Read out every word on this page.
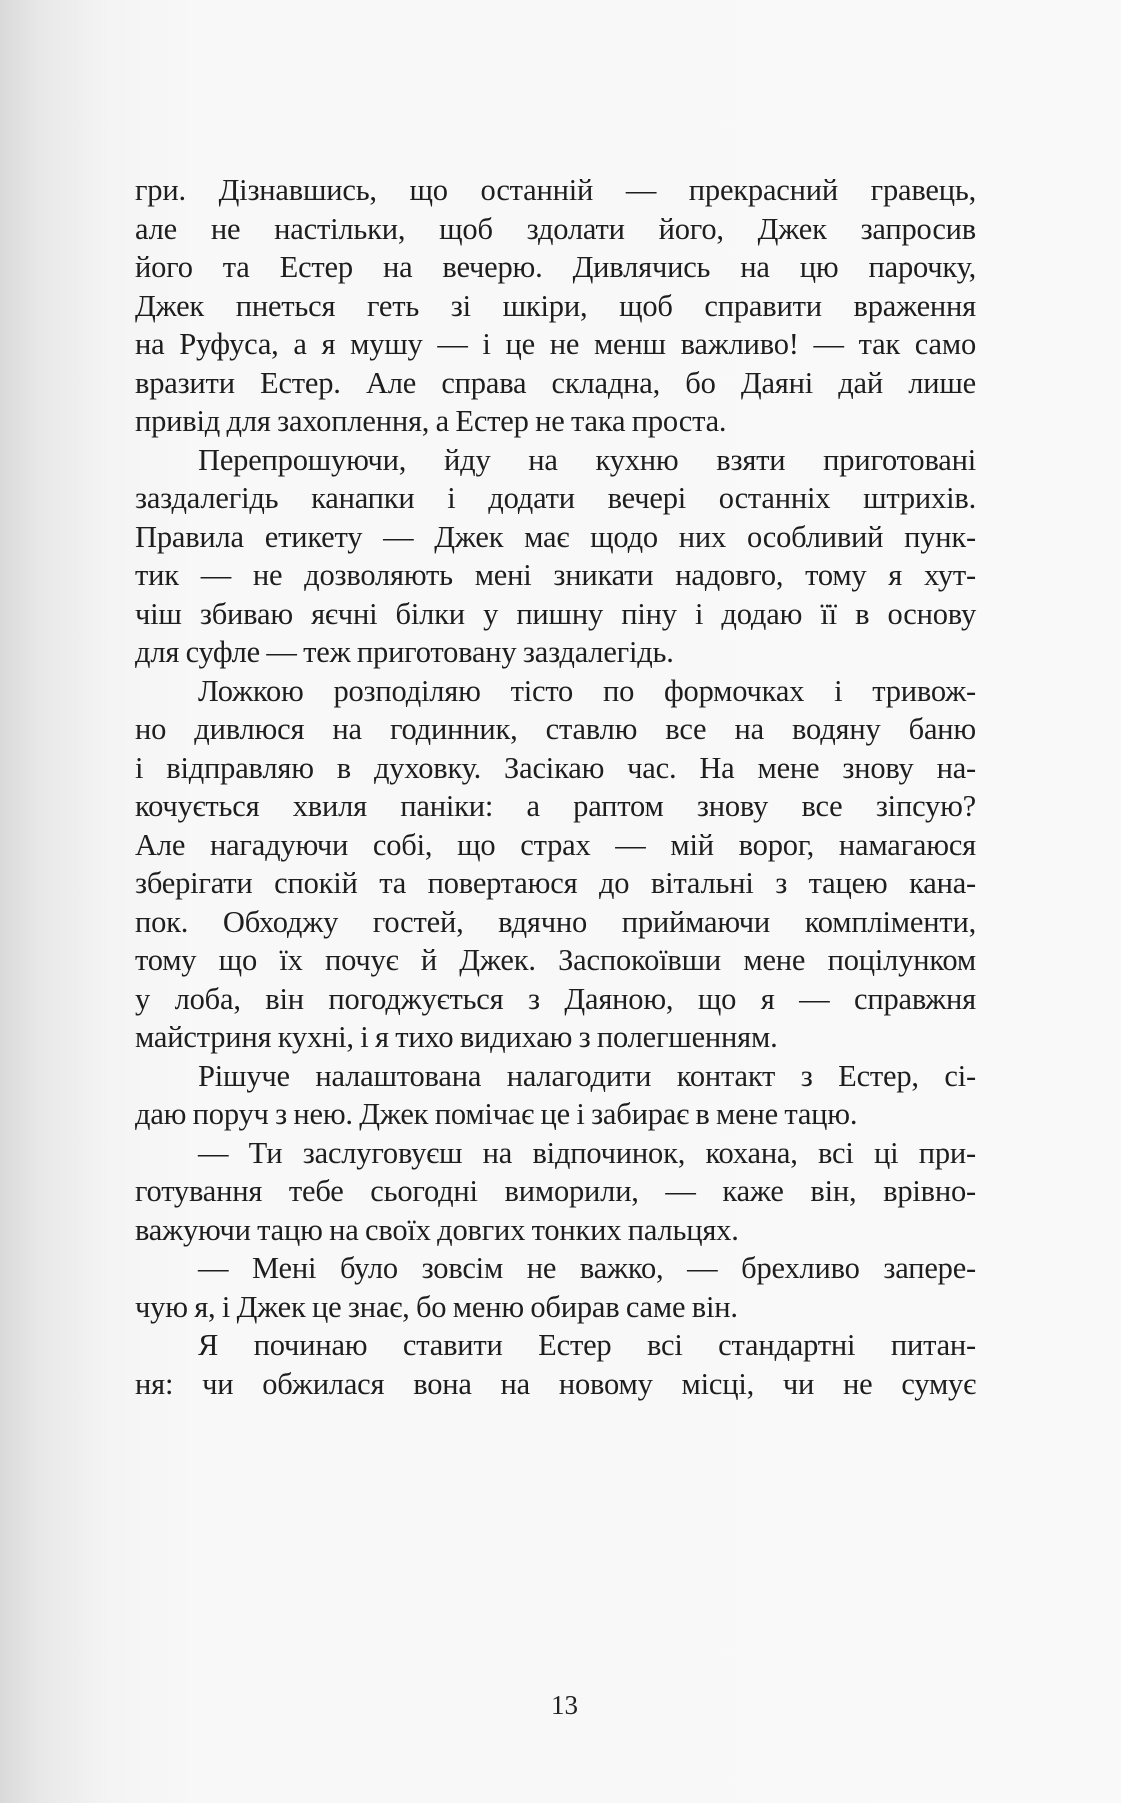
гри. Дізнавшись, що останній — прекрасний гравець,
але не настільки, щоб здолати його, Джек запросив
його та Естер на вечерю. Дивлячись на цю парочку,
Джек пнеться геть зі шкіри, щоб справити враження
на Руфуса, а я мушу — і це не менш важливо! — так само
вразити Естер. Але справа складна, бо Даяні дай лише
привід для захоплення, а Естер не така проста.
Перепрошуючи, йду на кухню взяти приготовані
заздалегідь канапки і додати вечері останніх штрихів.
Правила етикету — Джек має щодо них особливий пунк-
тик — не дозволяють мені зникати надовго, тому я хут-
чіш збиваю яєчні білки у пишну піну і додаю її в основу
для суфле — теж приготовану заздалегідь.
Ложкою розподіляю тісто по формочках і тривож-
но дивлюся на годинник, ставлю все на водяну баню
і відправляю в духовку. Засікаю час. На мене знову на-
кочується хвиля паніки: а раптом знову все зіпсую?
Але нагадуючи собі, що страх — мій ворог, намагаюся
зберігати спокій та повертаюся до вітальні з тацею кана-
пок. Обходжу гостей, вдячно приймаючи компліменти,
тому що їх почує й Джек. Заспокоївши мене поцілунком
у лоба, він погоджується з Даяною, що я — справжня
майстриня кухні, і я тихо видихаю з полегшенням.
Рішуче налаштована налагодити контакт з Естер, сі-
даю поруч з нею. Джек помічає це і забирає в мене тацю.
— Ти заслуговуєш на відпочинок, кохана, всі ці при-
готування тебе сьогодні виморили, — каже він, врівно-
важуючи тацю на своїх довгих тонких пальцях.
— Мені було зовсім не важко, — брехливо запере-
чую я, і Джек це знає, бо меню обирав саме він.
Я починаю ставити Естер всі стандартні питан-
ня: чи обжилася вона на новому місці, чи не сумує
13
